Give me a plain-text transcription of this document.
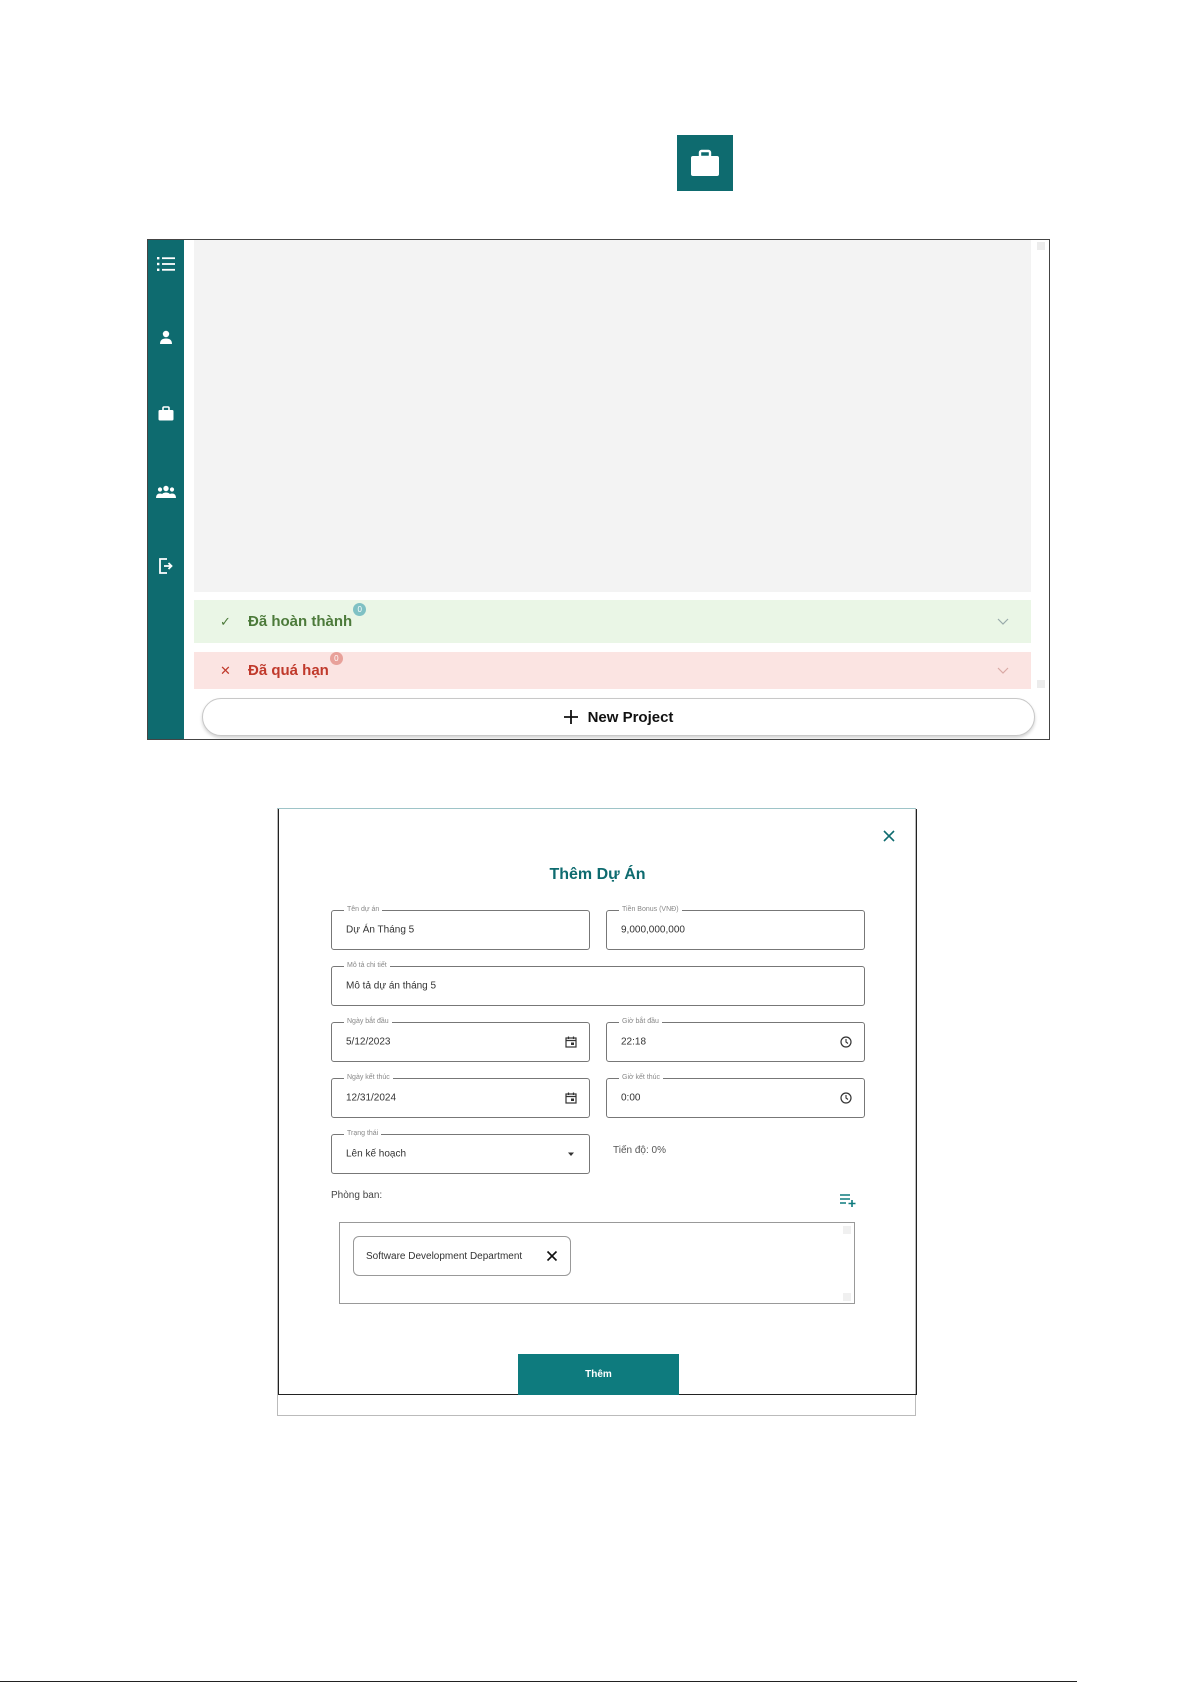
✓	Đã hoàn thành
0
✕	Đã quá hạn
0
New Project
Thêm Dự Án
Tên dự án
Dự Án Tháng 5
Tiền Bonus (VNĐ)
9,000,000,000
Mô tả chi tiết
Mô tả dự án tháng 5
Ngày bắt đầu
5/12/2023
Giờ bắt đầu
22:18
Ngày kết thúc
12/31/2024
Giờ kết thúc
0:00
Trạng thái
Lên kế hoạch	Tiến độ: 0%
Phòng ban:
Software Development Department
Thêm
